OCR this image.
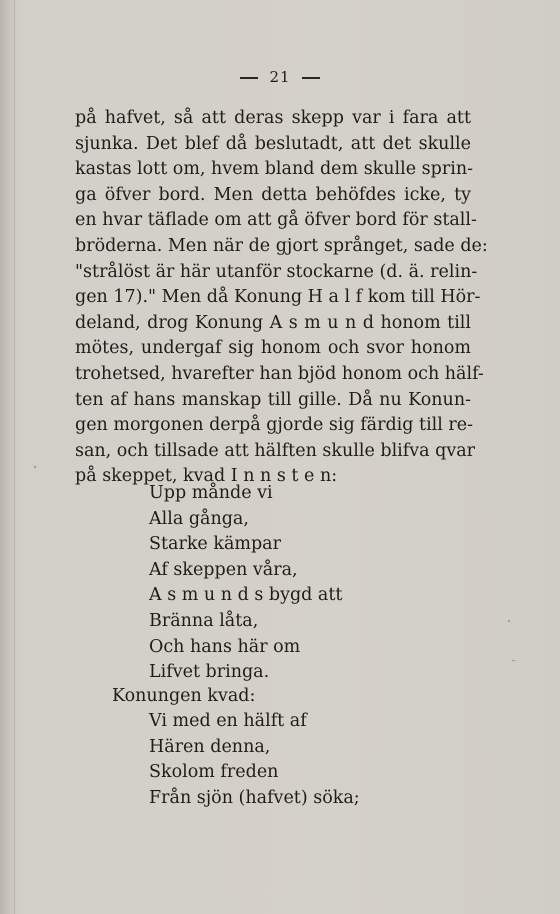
21
på hafvet, så att deras skepp var i fara att
sjunka. Det blef då beslutadt, att det skulle
kastas lott om, hvem bland dem skulle sprin-
ga öfver bord. Men detta behöfdes icke, ty
en hvar täflade om att gå öfver bord för stall-
bröderna. Men när de gjort språnget, sade de:
"strålöst är här utanför stockarne (d. ä. relin-
gen 17)." Men då Konung H a l f kom till Hör-
deland, drog Konung A s m u n d honom till
mötes, undergaf sig honom och svor honom
trohetsed, hvarefter han bjöd honom och hälf-
ten af hans manskap till gille. Då nu Konun-
gen morgonen derpå gjorde sig färdig till re-
san, och tillsade att hälften skulle blifva qvar
på skeppet, kvad I n n s t e n:
Upp månde vi
Alla gånga,
Starke kämpar
Af skeppen våra,
A s m u n d s bygd att
Bränna låta,
Och hans här om
Lifvet bringa.
Konungen kvad:
Vi med en hälft af
Hären denna,
Skolom freden
Från sjön (hafvet) söka;
